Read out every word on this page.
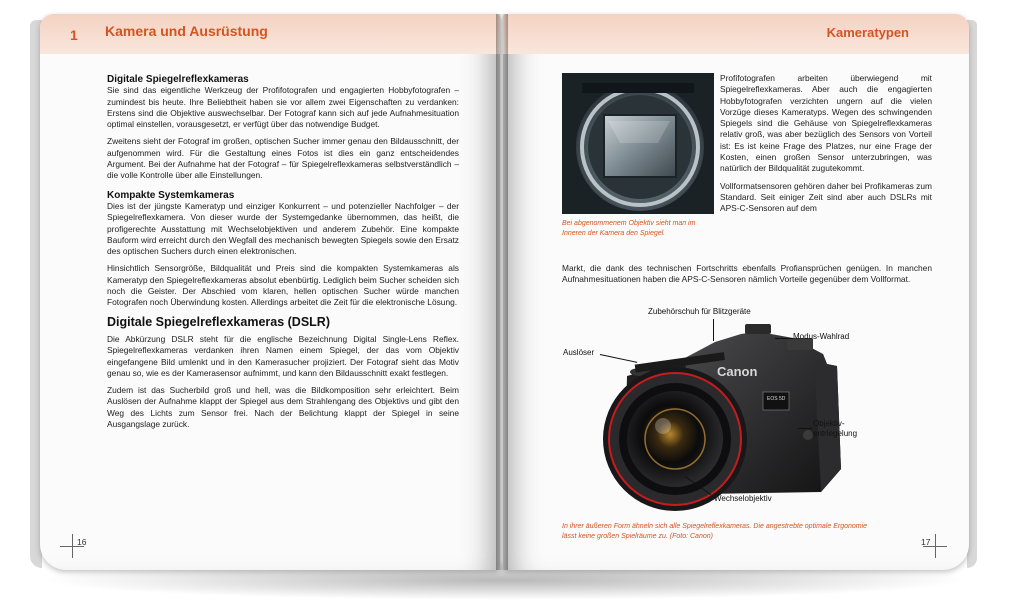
1 Kamera und Ausrüstung
Digitale Spiegelreflexkameras

Sie sind das eigentliche Werkzeug der Profifotografen und engagierten Hobbyfotografen – zumindest bis heute. Ihre Beliebtheit haben sie vor allem zwei Eigenschaften zu verdanken: Erstens sind die Objektive auswechselbar. Der Fotograf kann sich auf jede Aufnahmesituation optimal einstellen, vorausgesetzt, er verfügt über das notwendige Budget.

Zweitens sieht der Fotograf im großen, optischen Sucher immer genau den Bildausschnitt, der aufgenommen wird. Für die Gestaltung eines Fotos ist dies ein ganz entscheidendes Argument. Bei der Aufnahme hat der Fotograf – für Spiegelreflexkameras selbstverständlich – die volle Kontrolle über alle Einstellungen.

Kompakte Systemkameras

Dies ist der jüngste Kameratyp und einziger Konkurrent – und potenzieller Nachfolger – der Spiegelreflexkamera. Von dieser wurde der Systemgedanke übernommen, das heißt, die profigerechte Ausstattung mit Wechselobjektiven und anderem Zubehör. Eine kompakte Bauform wird erreicht durch den Wegfall des mechanisch bewegten Spiegels sowie den Ersatz des optischen Suchers durch einen elektronischen.

Hinsichtlich Sensorgröße, Bildqualität und Preis sind die kompakten Systemkameras als Kameratyp den Spiegelreflexkameras absolut ebenbürtig. Lediglich beim Sucher scheiden sich noch die Geister. Der Abschied vom klaren, hellen optischen Sucher würde manchen Fotografen noch Überwindung kosten. Allerdings arbeitet die Zeit für die elektronische Lösung.

Digitale Spiegelreflexkameras (DSLR)

Die Abkürzung DSLR steht für die englische Bezeichnung Digital Single-Lens Reflex. Spiegelreflexkameras verdanken ihren Namen einem Spiegel, der das vom Objektiv eingefangene Bild umlenkt und in den Kamerasucher projiziert. Der Fotograf sieht das Motiv genau so, wie es der Kamerasensor aufnimmt, und kann den Bildausschnitt exakt festlegen.

Zudem ist das Sucherbild groß und hell, was die Bildkomposition sehr erleichtert. Beim Auslösen der Aufnahme klappt der Spiegel aus dem Strahlengang des Objektivs und gibt den Weg des Lichts zum Sensor frei. Nach der Belichtung klappt der Spiegel in seine Ausgangslage zurück.

16
Kameratypen

Profifotografen arbeiten überwiegend mit Spiegelreflexkameras. Aber auch die engagierten Hobbyfotografen verzichten ungern auf die vielen Vorzüge dieses Kameratyps. Wegen des schwingenden Spiegels sind die Gehäuse von Spiegelreflexkameras relativ groß, was aber bezüglich des Sensors von Vorteil ist: Es ist keine Frage des Platzes, nur eine Frage der Kosten, einen großen Sensor unterzubringen, was natürlich der Bildqualität zugutekommt.

Vollformatsensoren gehören daher bei Profikameras zum Standard. Seit einiger Zeit sind aber auch DSLRs mit APS-C-Sensoren auf dem

Markt, die dank des technischen Fortschritts ebenfalls Profiansprüchen genügen. In manchen Aufnahmesituationen haben die APS-C-Sensoren nämlich Vorteile gegenüber dem Vollformat.

Bei abgenommenem Objektiv sieht man im Inneren der Kamera den Spiegel.
Canon
EOS 5D
Zubehörschuh für Blitzgeräte
Modus-Wahlrad
Auslöser
Objektiv-
entriegelung
Wechselobjektiv
In ihrer äußeren Form ähneln sich alle Spiegelreflexkameras. Die angestrebte optimale Ergonomie
lässt keine großen Spielräume zu. (Foto: Canon)
17
